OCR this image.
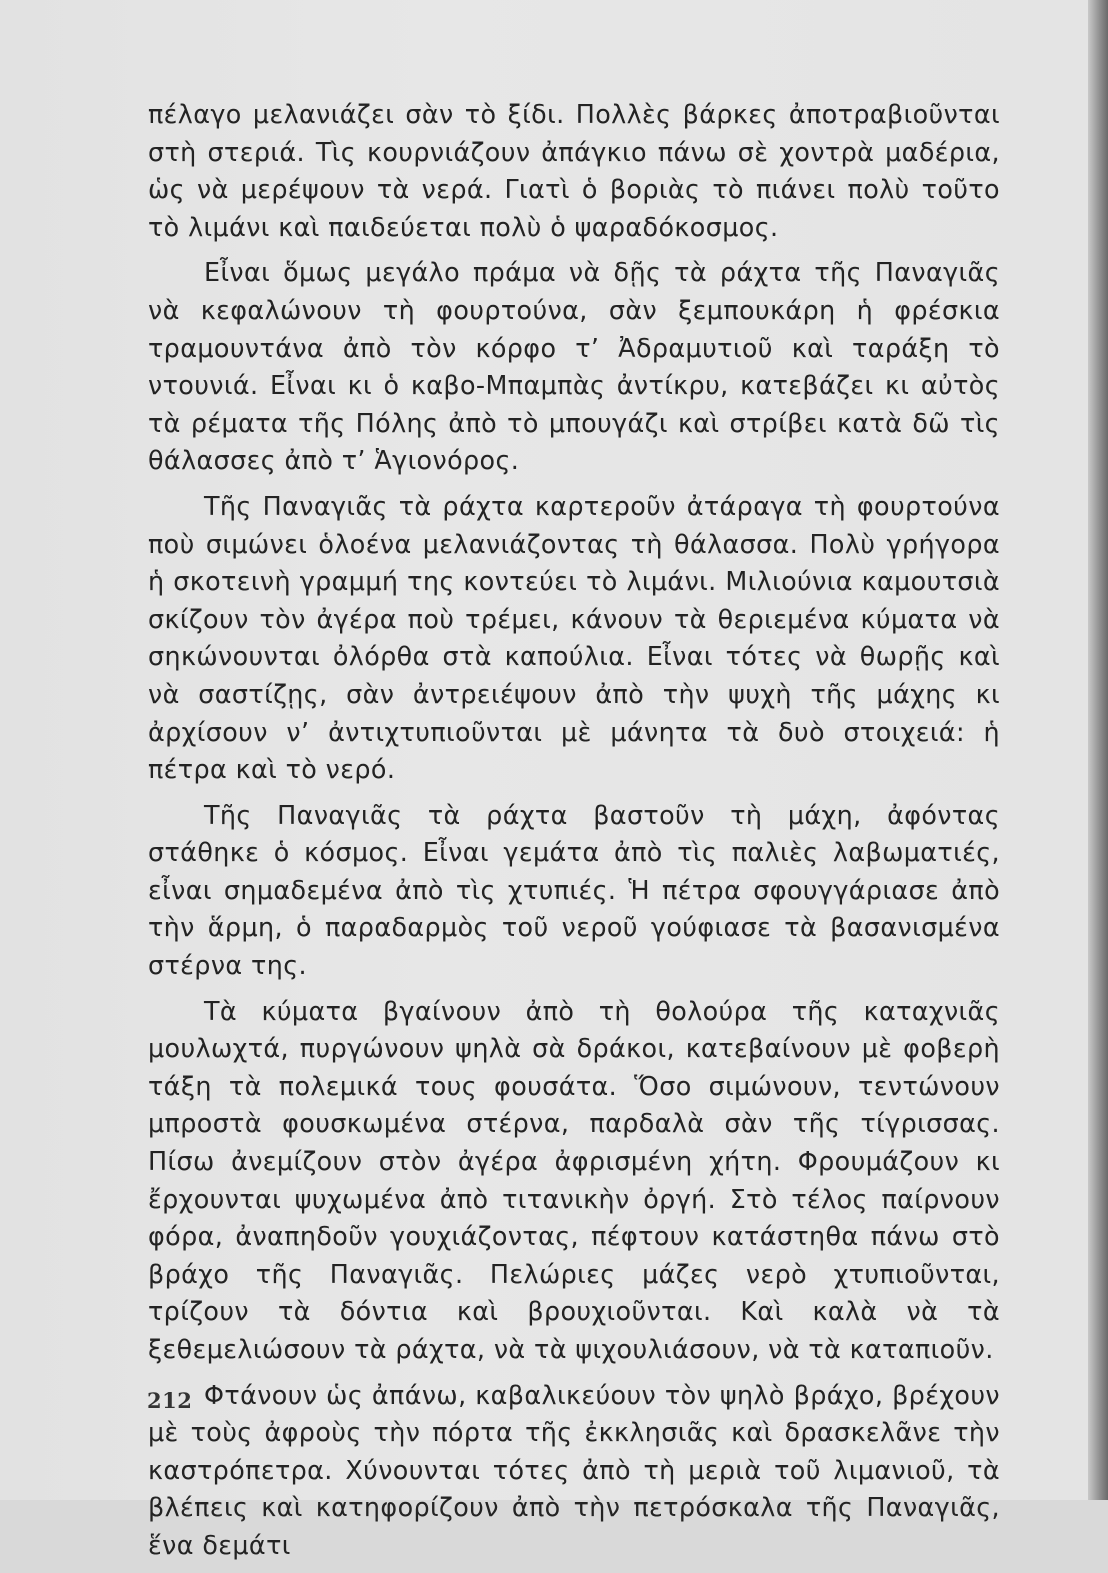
πέλαγο μελανιάζει σὰν τὸ ξίδι. Πολλὲς βάρκες ἀποτραβιοῦνται στὴ στεριά. Τὶς κουρνιάζουν ἀπάγκιο πάνω σὲ χοντρὰ μαδέρια, ὡς νὰ μερέψουν τὰ νερά. Γιατὶ ὁ βοριὰς τὸ πιάνει πολὺ τοῦτο τὸ λιμάνι καὶ παιδεύεται πολὺ ὁ ψαραδόκοσμος.

Εἶναι ὅμως μεγάλο πράμα νὰ δῇς τὰ ράχτα τῆς Παναγιᾶς νὰ κεφαλώνουν τὴ φουρτούνα, σὰν ξεμπουκάρη ἡ φρέσκια τραμουντάνα ἀπὸ τὸν κόρφο τ’ Ἀδραμυτιοῦ καὶ ταράξη τὸ ντουνιά. Εἶναι κι ὁ καβο-Μπαμπὰς ἀντίκρυ, κατεβάζει κι αὐτὸς τὰ ρέματα τῆς Πόλης ἀπὸ τὸ μπουγάζι καὶ στρίβει κατὰ δῶ τὶς θάλασσες ἀπὸ τ’ Ἁγιονόρος.

Τῆς Παναγιᾶς τὰ ράχτα καρτεροῦν ἀτάραγα τὴ φουρτούνα ποὺ σιμώνει ὁλοένα μελανιάζοντας τὴ θάλασσα. Πολὺ γρήγορα ἡ σκοτεινὴ γραμμή της κοντεύει τὸ λιμάνι. Μιλιούνια καμουτσιὰ σκίζουν τὸν ἀγέρα ποὺ τρέμει, κάνουν τὰ θεριεμένα κύματα νὰ σηκώνουνται ὀλόρθα στὰ καπούλια. Εἶναι τότες νὰ θωρῇς καὶ νὰ σαστίζῃς, σὰν ἀντρειέψουν ἀπὸ τὴν ψυχὴ τῆς μάχης κι ἀρχίσουν ν’ ἀντιχτυπιοῦνται μὲ μάνητα τὰ δυὸ στοιχειά: ἡ πέτρα καὶ τὸ νερό.

Τῆς Παναγιᾶς τὰ ράχτα βαστοῦν τὴ μάχη, ἀφόντας στάθηκε ὁ κόσμος. Εἶναι γεμάτα ἀπὸ τὶς παλιὲς λαβωματιές, εἶναι σημαδεμένα ἀπὸ τὶς χτυπιές. Ἡ πέτρα σφουγγάριασε ἀπὸ τὴν ἅρμη, ὁ παραδαρμὸς τοῦ νεροῦ γούφιασε τὰ βασανισμένα στέρνα της.

Τὰ κύματα βγαίνουν ἀπὸ τὴ θολούρα τῆς καταχνιᾶς μουλωχτά, πυργώνουν ψηλὰ σὰ δράκοι, κατεβαίνουν μὲ φοβερὴ τάξη τὰ πολεμικά τους φουσάτα. Ὅσο σιμώνουν, τεντώνουν μπροστὰ φουσκωμένα στέρνα, παρδαλὰ σὰν τῆς τίγρισσας. Πίσω ἀνεμίζουν στὸν ἀγέρα ἀφρισμένη χήτη. Φρουμάζουν κι ἔρχουνται ψυχωμένα ἀπὸ τιτανικὴν ὀργή. Στὸ τέλος παίρνουν φόρα, ἀναπηδοῦν γουχιάζοντας, πέφτουν κατάστηθα πάνω στὸ βράχο τῆς Παναγιᾶς. Πελώριες μάζες νερὸ χτυπιοῦνται, τρίζουν τὰ δόντια καὶ βρουχιοῦνται. Καὶ καλὰ νὰ τὰ ξεθεμελιώσουν τὰ ράχτα, νὰ τὰ ψιχουλιάσουν, νὰ τὰ καταπιοῦν.

Φτάνουν ὡς ἀπάνω, καβαλικεύουν τὸν ψηλὸ βράχο, βρέχουν μὲ τοὺς ἀφροὺς τὴν πόρτα τῆς ἐκκλησιᾶς καὶ δρασκελᾶνε τὴν καστρόπετρα. Χύνουνται τότες ἀπὸ τὴ μεριὰ τοῦ λιμανιοῦ, τὰ βλέπεις καὶ κατηφορίζουν ἀπὸ τὴν πετρόσκαλα τῆς Παναγιᾶς, ἕνα δεμάτι

212
